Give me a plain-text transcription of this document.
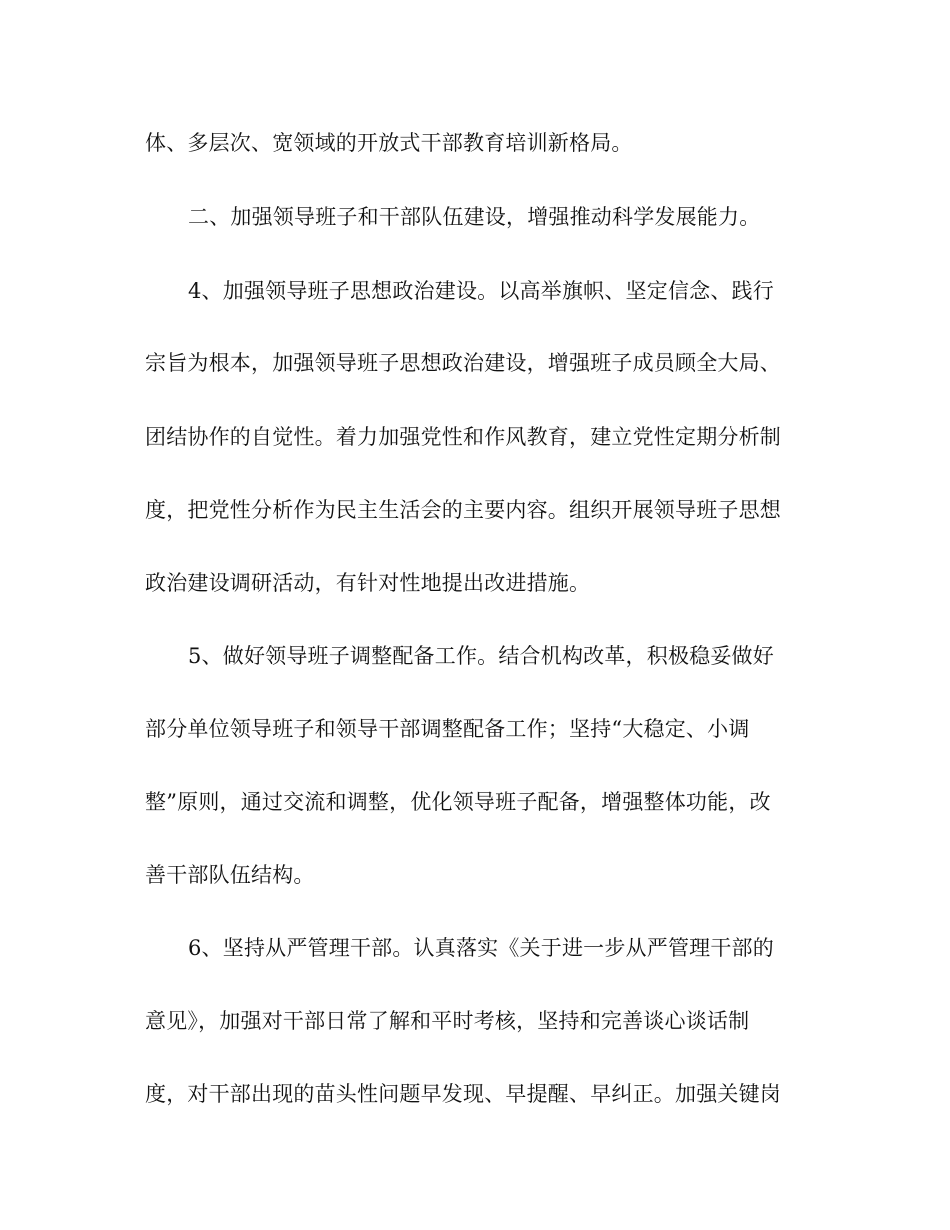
体、多层次、宽领域的开放式干部教育培训新格局。
二、加强领导班子和干部队伍建设，增强推动科学发展能力。
4、加强领导班子思想政治建设。以高举旗帜、坚定信念、践行
宗旨为根本，加强领导班子思想政治建设，增强班子成员顾全大局、
团结协作的自觉性。着力加强党性和作风教育，建立党性定期分析制
度，把党性分析作为民主生活会的主要内容。组织开展领导班子思想
政治建设调研活动，有针对性地提出改进措施。
5、做好领导班子调整配备工作。结合机构改革，积极稳妥做好
部分单位领导班子和领导干部调整配备工作；坚持“大稳定、小调
整”原则，通过交流和调整，优化领导班子配备，增强整体功能，改
善干部队伍结构。
6、坚持从严管理干部。认真落实《关于进一步从严管理干部的
意见》，加强对干部日常了解和平时考核，坚持和完善谈心谈话制
度，对干部出现的苗头性问题早发现、早提醒、早纠正。加强关键岗
